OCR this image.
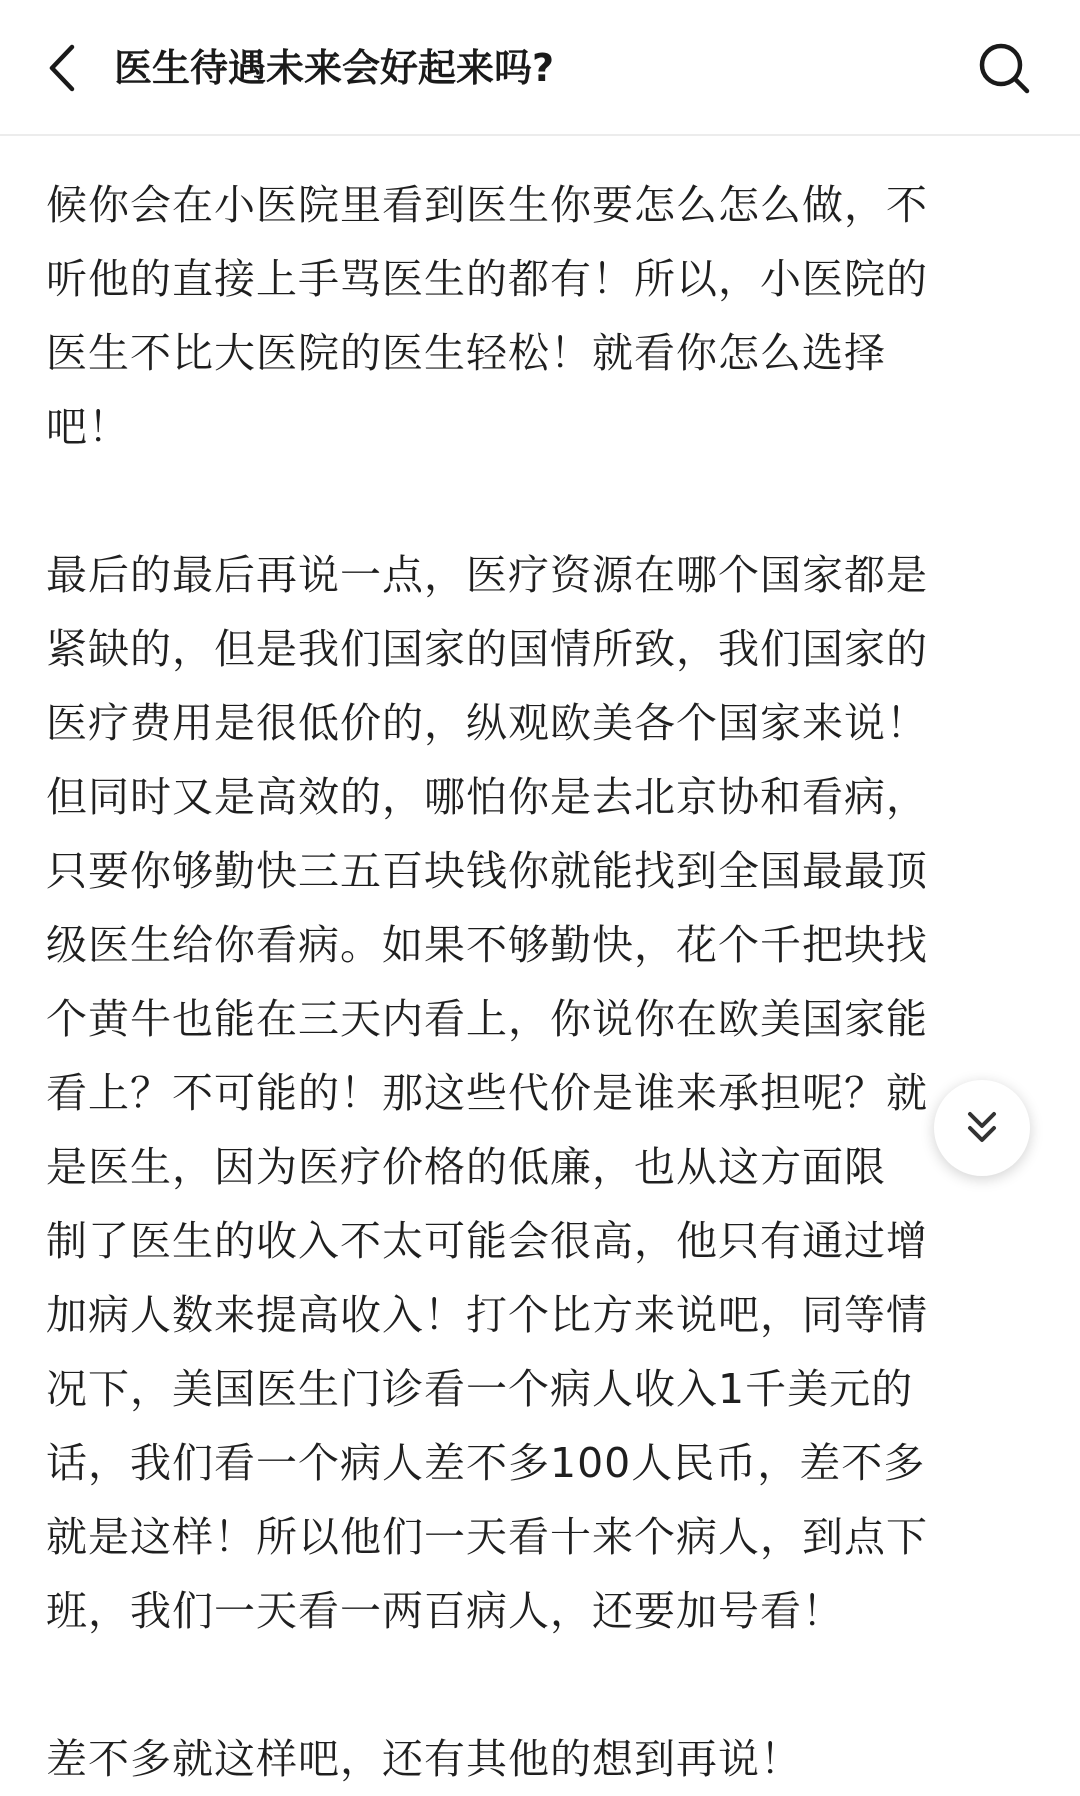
医生待遇未来会好起来吗?
候你会在小医院里看到医生你要怎么怎么做，不
听他的直接上手骂医生的都有！所以，小医院的
医生不比大医院的医生轻松！就看你怎么选择
吧！
最后的最后再说一点，医疗资源在哪个国家都是
紧缺的，但是我们国家的国情所致，我们国家的
医疗费用是很低价的，纵观欧美各个国家来说！
但同时又是高效的，哪怕你是去北京协和看病，
只要你够勤快三五百块钱你就能找到全国最最顶
级医生给你看病。如果不够勤快，花个千把块找
个黄牛也能在三天内看上，你说你在欧美国家能
看上？不可能的！那这些代价是谁来承担呢？就
是医生，因为医疗价格的低廉，也从这方面限
制了医生的收入不太可能会很高，他只有通过增
加病人数来提高收入！打个比方来说吧，同等情
况下，美国医生门诊看一个病人收入1千美元的
话，我们看一个病人差不多100人民币，差不多
就是这样！所以他们一天看十来个病人，到点下
班，我们一天看一两百病人，还要加号看！
差不多就这样吧，还有其他的想到再说！
